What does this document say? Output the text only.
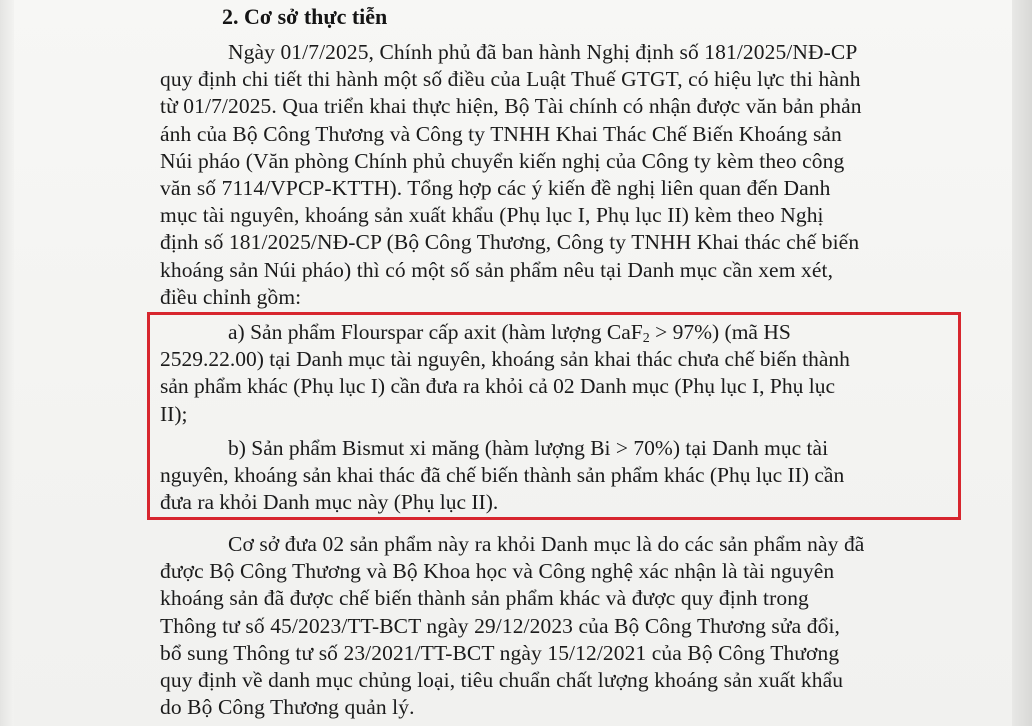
2. Cơ sở thực tiễn
Ngày 01/7/2025, Chính phủ đã ban hành Nghị định số 181/2025/NĐ-CP
quy định chi tiết thi hành một số điều của Luật Thuế GTGT, có hiệu lực thi hành
từ 01/7/2025. Qua triển khai thực hiện, Bộ Tài chính có nhận được văn bản phản
ánh của Bộ Công Thương và Công ty TNHH Khai Thác Chế Biến Khoáng sản
Núi pháo (Văn phòng Chính phủ chuyển kiến nghị của Công ty kèm theo công
văn số 7114/VPCP-KTTH). Tổng hợp các ý kiến đề nghị liên quan đến Danh
mục tài nguyên, khoáng sản xuất khẩu (Phụ lục I, Phụ lục II) kèm theo Nghị
định số 181/2025/NĐ-CP (Bộ Công Thương, Công ty TNHH Khai thác chế biến
khoáng sản Núi pháo) thì có một số sản phẩm nêu tại Danh mục cần xem xét,
điều chỉnh gồm:
a) Sản phẩm Flourspar cấp axit (hàm lượng CaF$_2$ > 97%) (mã HS
2529.22.00) tại Danh mục tài nguyên, khoáng sản khai thác chưa chế biến thành
sản phẩm khác (Phụ lục I) cần đưa ra khỏi cả 02 Danh mục (Phụ lục I, Phụ lục
II);
b) Sản phẩm Bismut xi măng (hàm lượng Bi > 70%) tại Danh mục tài
nguyên, khoáng sản khai thác đã chế biến thành sản phẩm khác (Phụ lục II) cần
đưa ra khỏi Danh mục này (Phụ lục II).
Cơ sở đưa 02 sản phẩm này ra khỏi Danh mục là do các sản phẩm này đã
được Bộ Công Thương và Bộ Khoa học và Công nghệ xác nhận là tài nguyên
khoáng sản đã được chế biến thành sản phẩm khác và được quy định trong
Thông tư số 45/2023/TT-BCT ngày 29/12/2023 của Bộ Công Thương sửa đổi,
bổ sung Thông tư số 23/2021/TT-BCT ngày 15/12/2021 của Bộ Công Thương
quy định về danh mục chủng loại, tiêu chuẩn chất lượng khoáng sản xuất khẩu
do Bộ Công Thương quản lý.
